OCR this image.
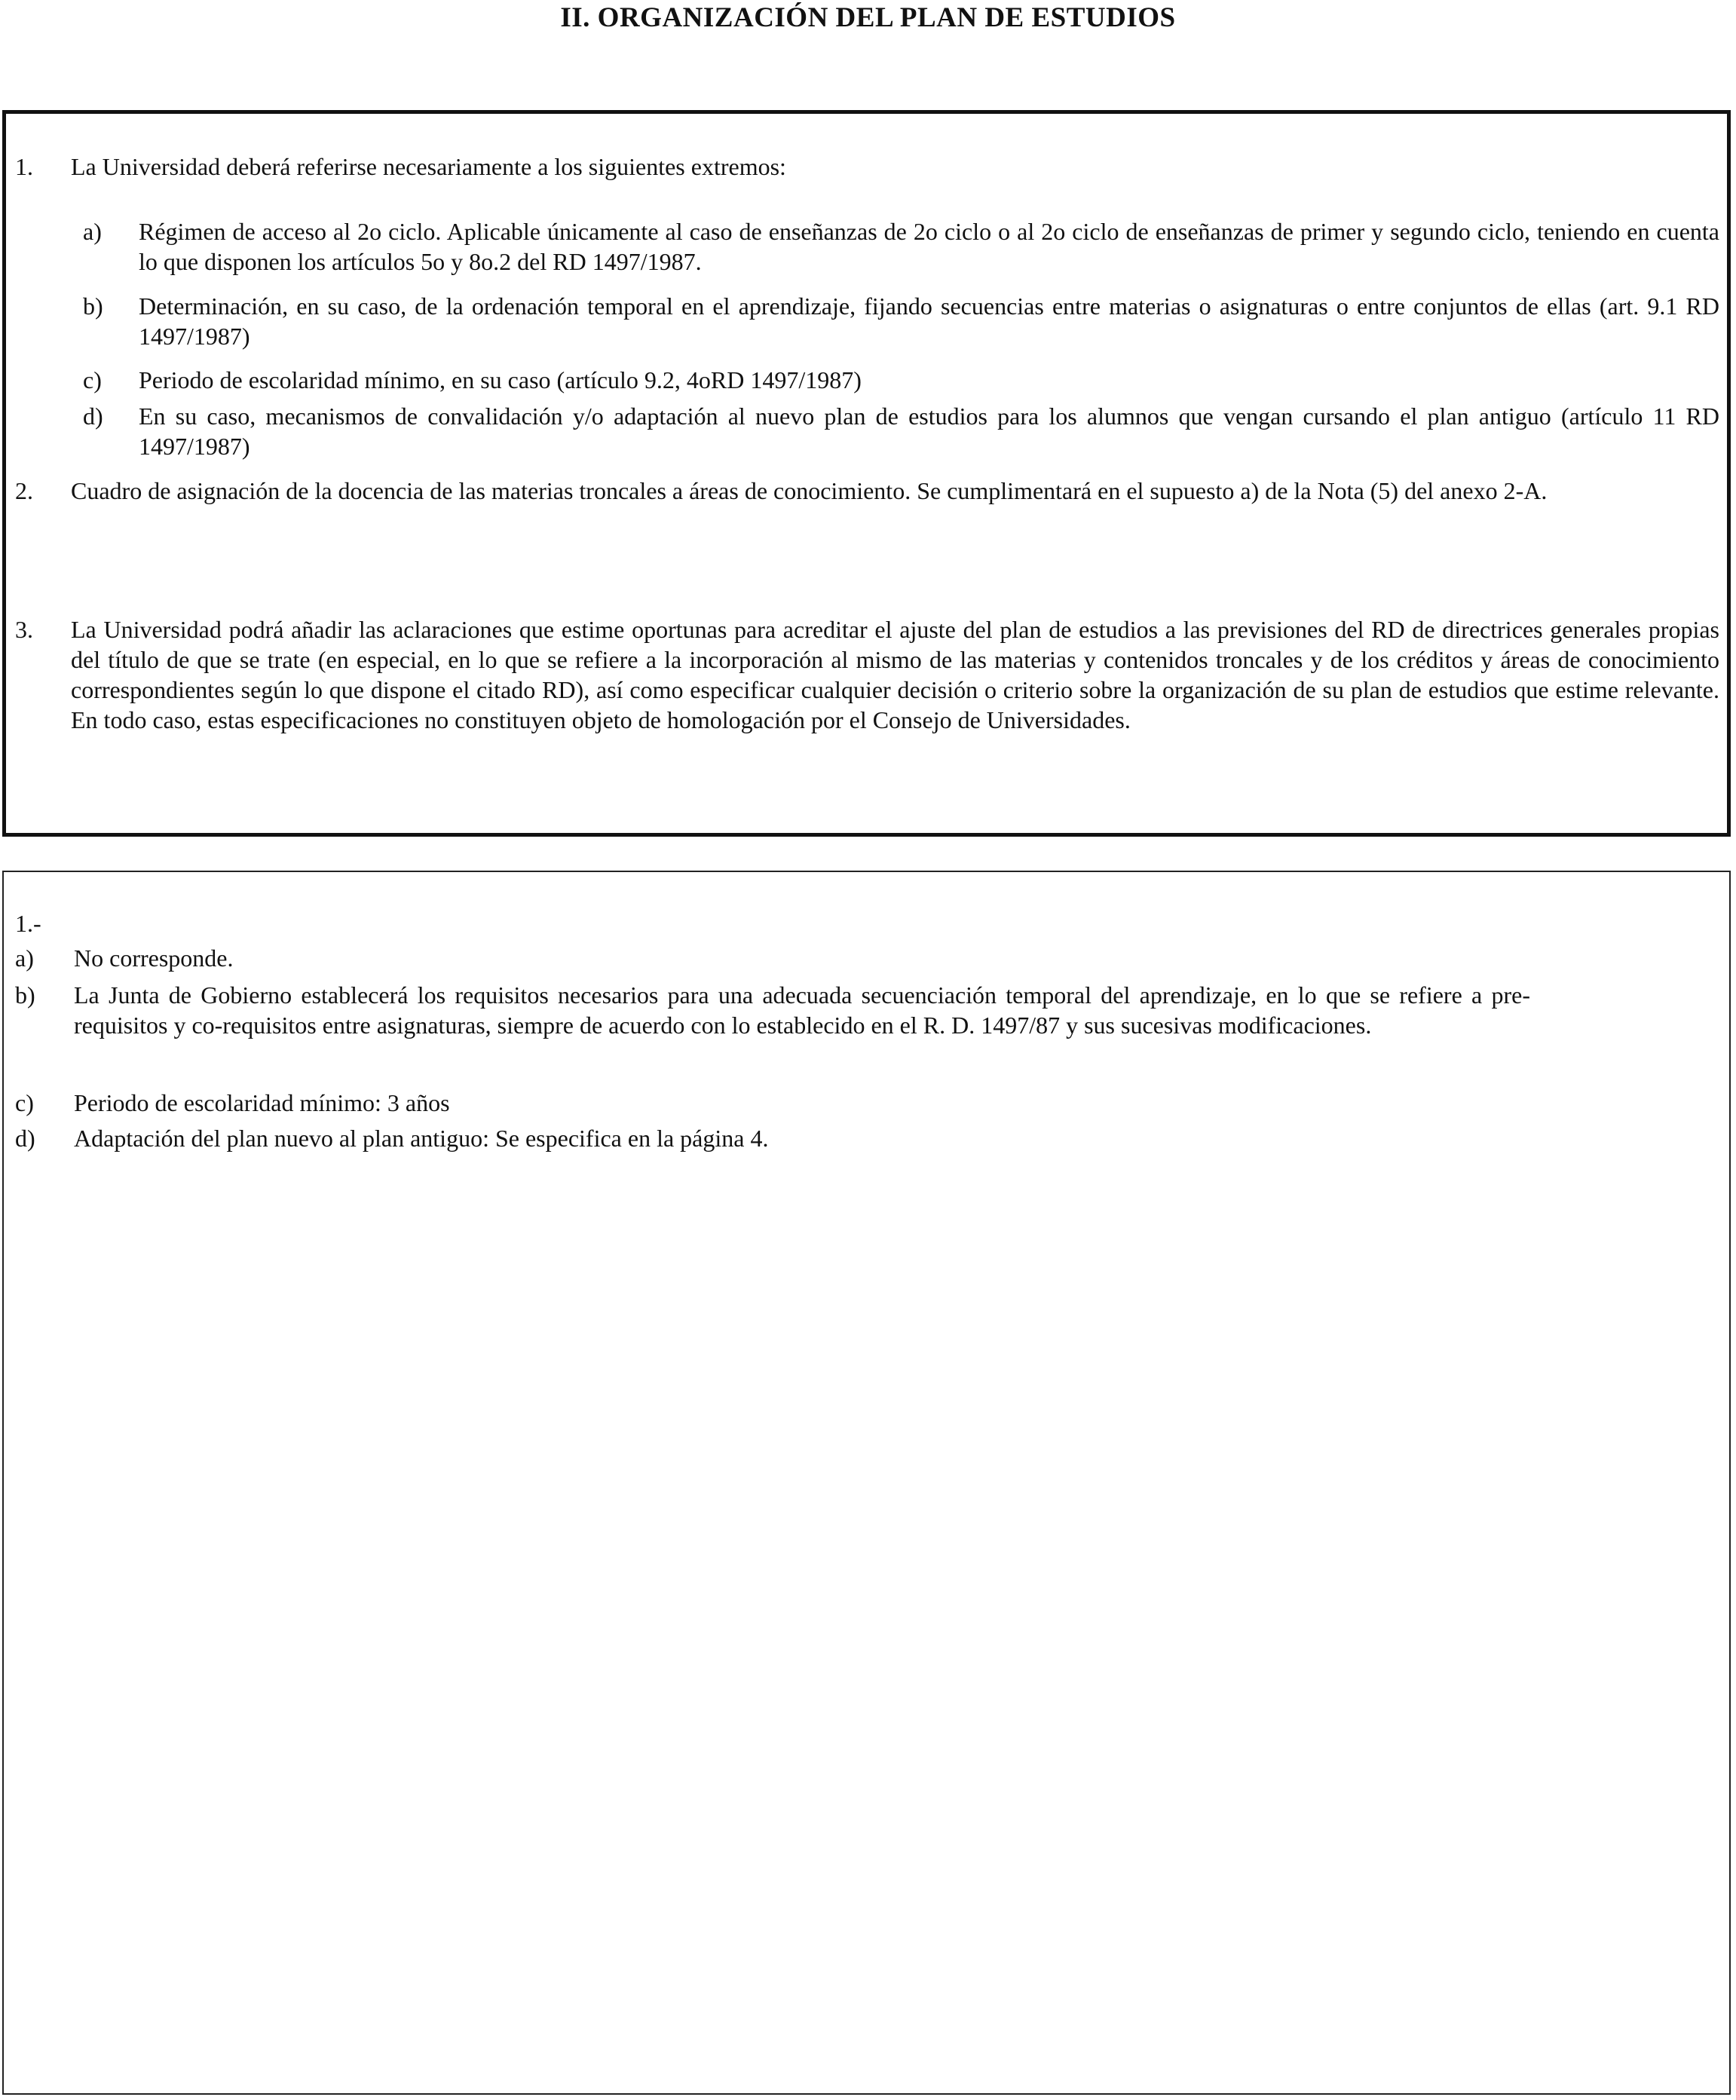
II. ORGANIZACIÓN DEL PLAN DE ESTUDIOS
1. La Universidad deberá referirse necesariamente a los siguientes extremos:
a) Régimen de acceso al 2o ciclo. Aplicable únicamente al caso de enseñanzas de 2o ciclo o al 2o ciclo de enseñanzas de primer y segundo ciclo, teniendo en cuenta lo que disponen los artículos 5o y 8o.2 del RD 1497/1987.
b) Determinación, en su caso, de la ordenación temporal en el aprendizaje, fijando secuencias entre materias o asignaturas o entre conjuntos de ellas (art. 9.1 RD 1497/1987)
c) Periodo de escolaridad mínimo, en su caso (artículo 9.2, 4oRD 1497/1987)
d) En su caso, mecanismos de convalidación y/o adaptación al nuevo plan de estudios para los alumnos que vengan cursando el plan antiguo (artículo 11 RD 1497/1987)
2. Cuadro de asignación de la docencia de las materias troncales a áreas de conocimiento. Se cumplimentará en el supuesto a) de la Nota (5) del anexo 2-A.
3. La Universidad podrá añadir las aclaraciones que estime oportunas para acreditar el ajuste del plan de estudios a las previsiones del RD de directrices generales propias del título de que se trate (en especial, en lo que se refiere a la incorporación al mismo de las materias y contenidos troncales y de los créditos y áreas de conocimiento correspondientes según lo que dispone el citado RD), así como especificar cualquier decisión o criterio sobre la organización de su plan de estudios que estime relevante. En todo caso, estas especificaciones no constituyen objeto de homologación por el Consejo de Universidades.
1.-
a) No corresponde.
b) La Junta de Gobierno establecerá los requisitos necesarios para una adecuada secuenciación temporal del aprendizaje, en lo que se refiere a pre-requisitos y co-requisitos entre asignaturas, siempre de acuerdo con lo establecido en el R. D. 1497/87 y sus sucesivas modificaciones.
c) Periodo de escolaridad mínimo: 3 años
d) Adaptación del plan nuevo al plan antiguo: Se especifica en la página 4.
